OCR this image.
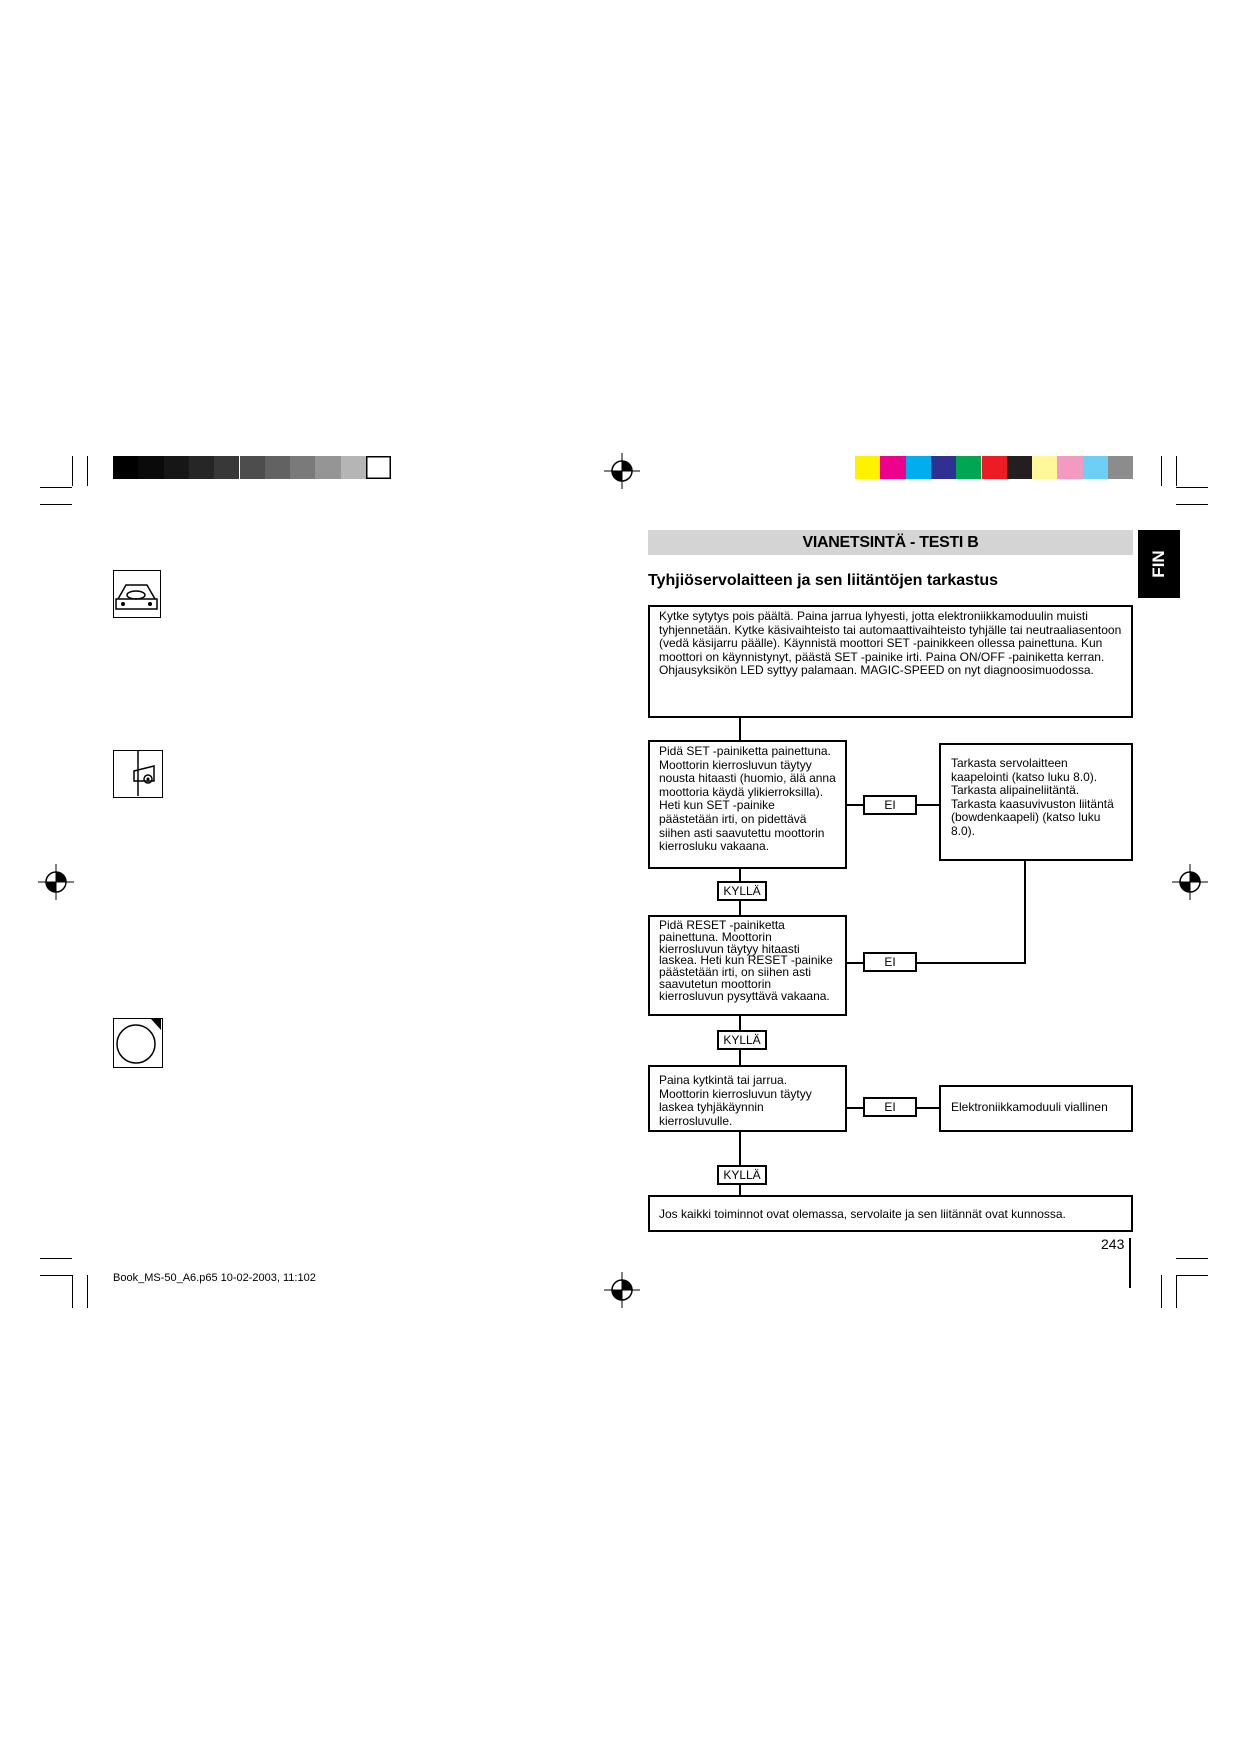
VIANETSINTÄ - TESTI B
FIN
Tyhjiöservolaitteen ja sen liitäntöjen tarkastus
Kytke sytytys pois päältä. Paina jarrua lyhyesti, jotta elektroniikkamoduulin muisti tyhjennetään. Kytke käsivaihteisto tai automaattivaihteisto tyhjälle tai neutraaliasentoon (vedä käsijarru päälle). Käynnistä moottori SET -painikkeen ollessa painettuna. Kun moottori on käynnistynyt, päästä SET -painike irti. Paina ON/OFF -painiketta kerran. Ohjausyksikön LED syttyy palamaan. MAGIC-SPEED on nyt diagnoosimuodossa.
Pidä SET -painiketta painettuna. Moottorin kierrosluvun täytyy nousta hitaasti (huomio, älä anna moottoria käydä ylikierroksilla). Heti kun SET -painike päästetään irti, on pidettävä siihen asti saavutettu moottorin kierrosluku vakaana.
EI
Tarkasta servolaitteen kaapelointi (katso luku 8.0). Tarkasta alipaineliitäntä. Tarkasta kaasuvivuston liitäntä (bowdenkaapeli) (katso luku 8.0).
KYLLÄ
Pidä RESET -painiketta painettuna. Moottorin kierrosluvun täytyy hitaasti laskea. Heti kun RESET -painike päästetään irti, on siihen asti saavutetun moottorin kierrosluvun pysyttävä vakaana.
EI
KYLLÄ
Paina kytkintä tai jarrua. Moottorin kierrosluvun täytyy laskea tyhjäkäynnin kierrosluvulle.
EI	Elektroniikkamoduuli viallinen
KYLLÄ
Jos kaikki toiminnot ovat olemassa, servolaite ja sen liitännät ovat kunnossa.
243
Book_MS-50_A6.p65 10-02-2003, 11:102
